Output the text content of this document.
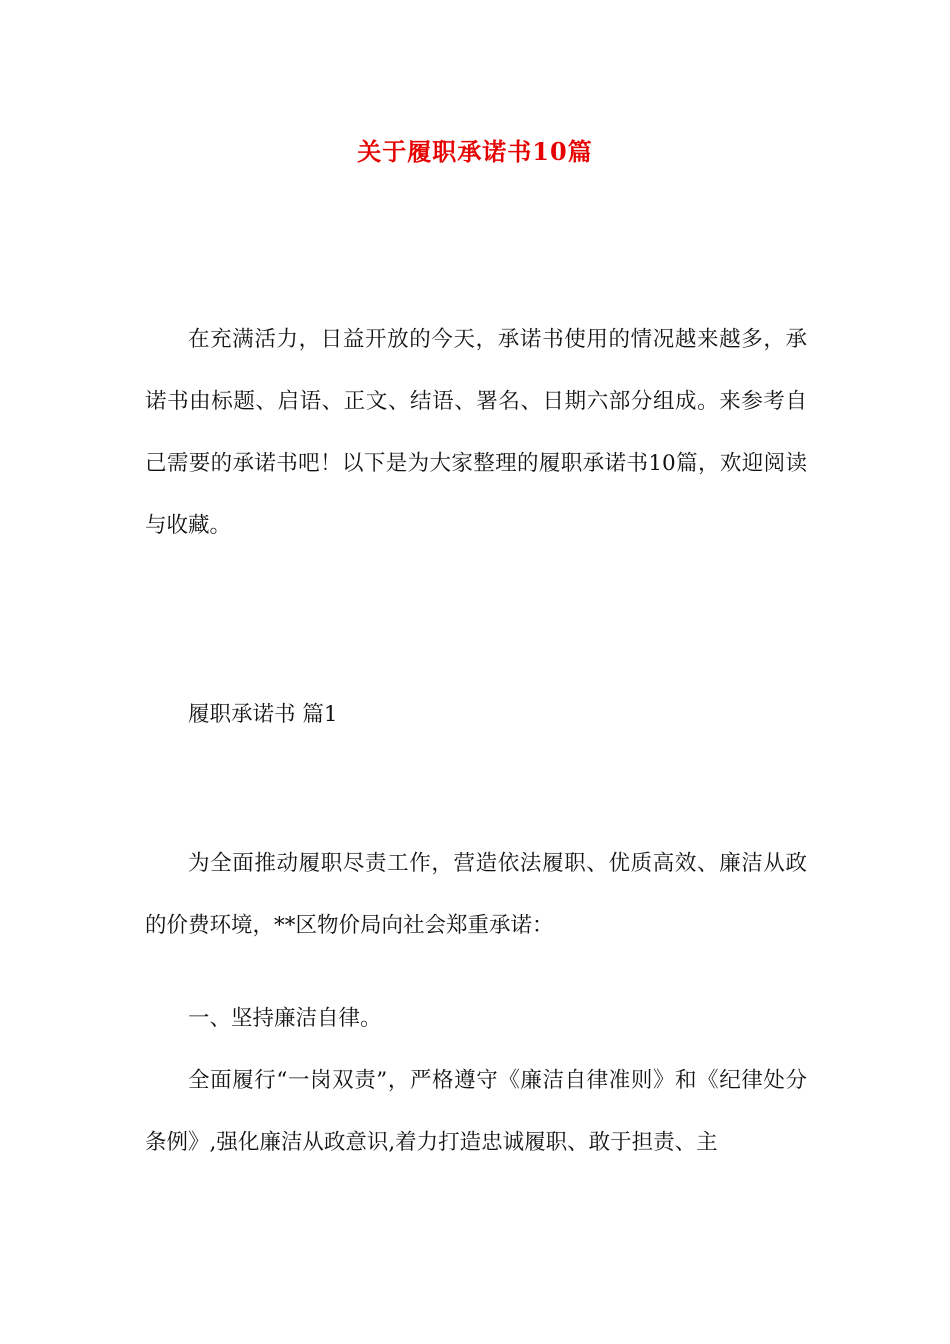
关于履职承诺书10篇
在充满活力，日益开放的今天，承诺书使用的情况越来越多，承诺书由标题、启语、正文、结语、署名、日期六部分组成。来参考自己需要的承诺书吧！以下是为大家整理的履职承诺书10篇，欢迎阅读与收藏。
履职承诺书 篇1
为全面推动履职尽责工作，营造依法履职、优质高效、廉洁从政的价费环境，**区物价局向社会郑重承诺：
一、坚持廉洁自律。
全面履行“一岗双责”，严格遵守《廉洁自律准则》和《纪律处分条例》,强化廉洁从政意识,着力打造忠诚履职、敢于担责、主
